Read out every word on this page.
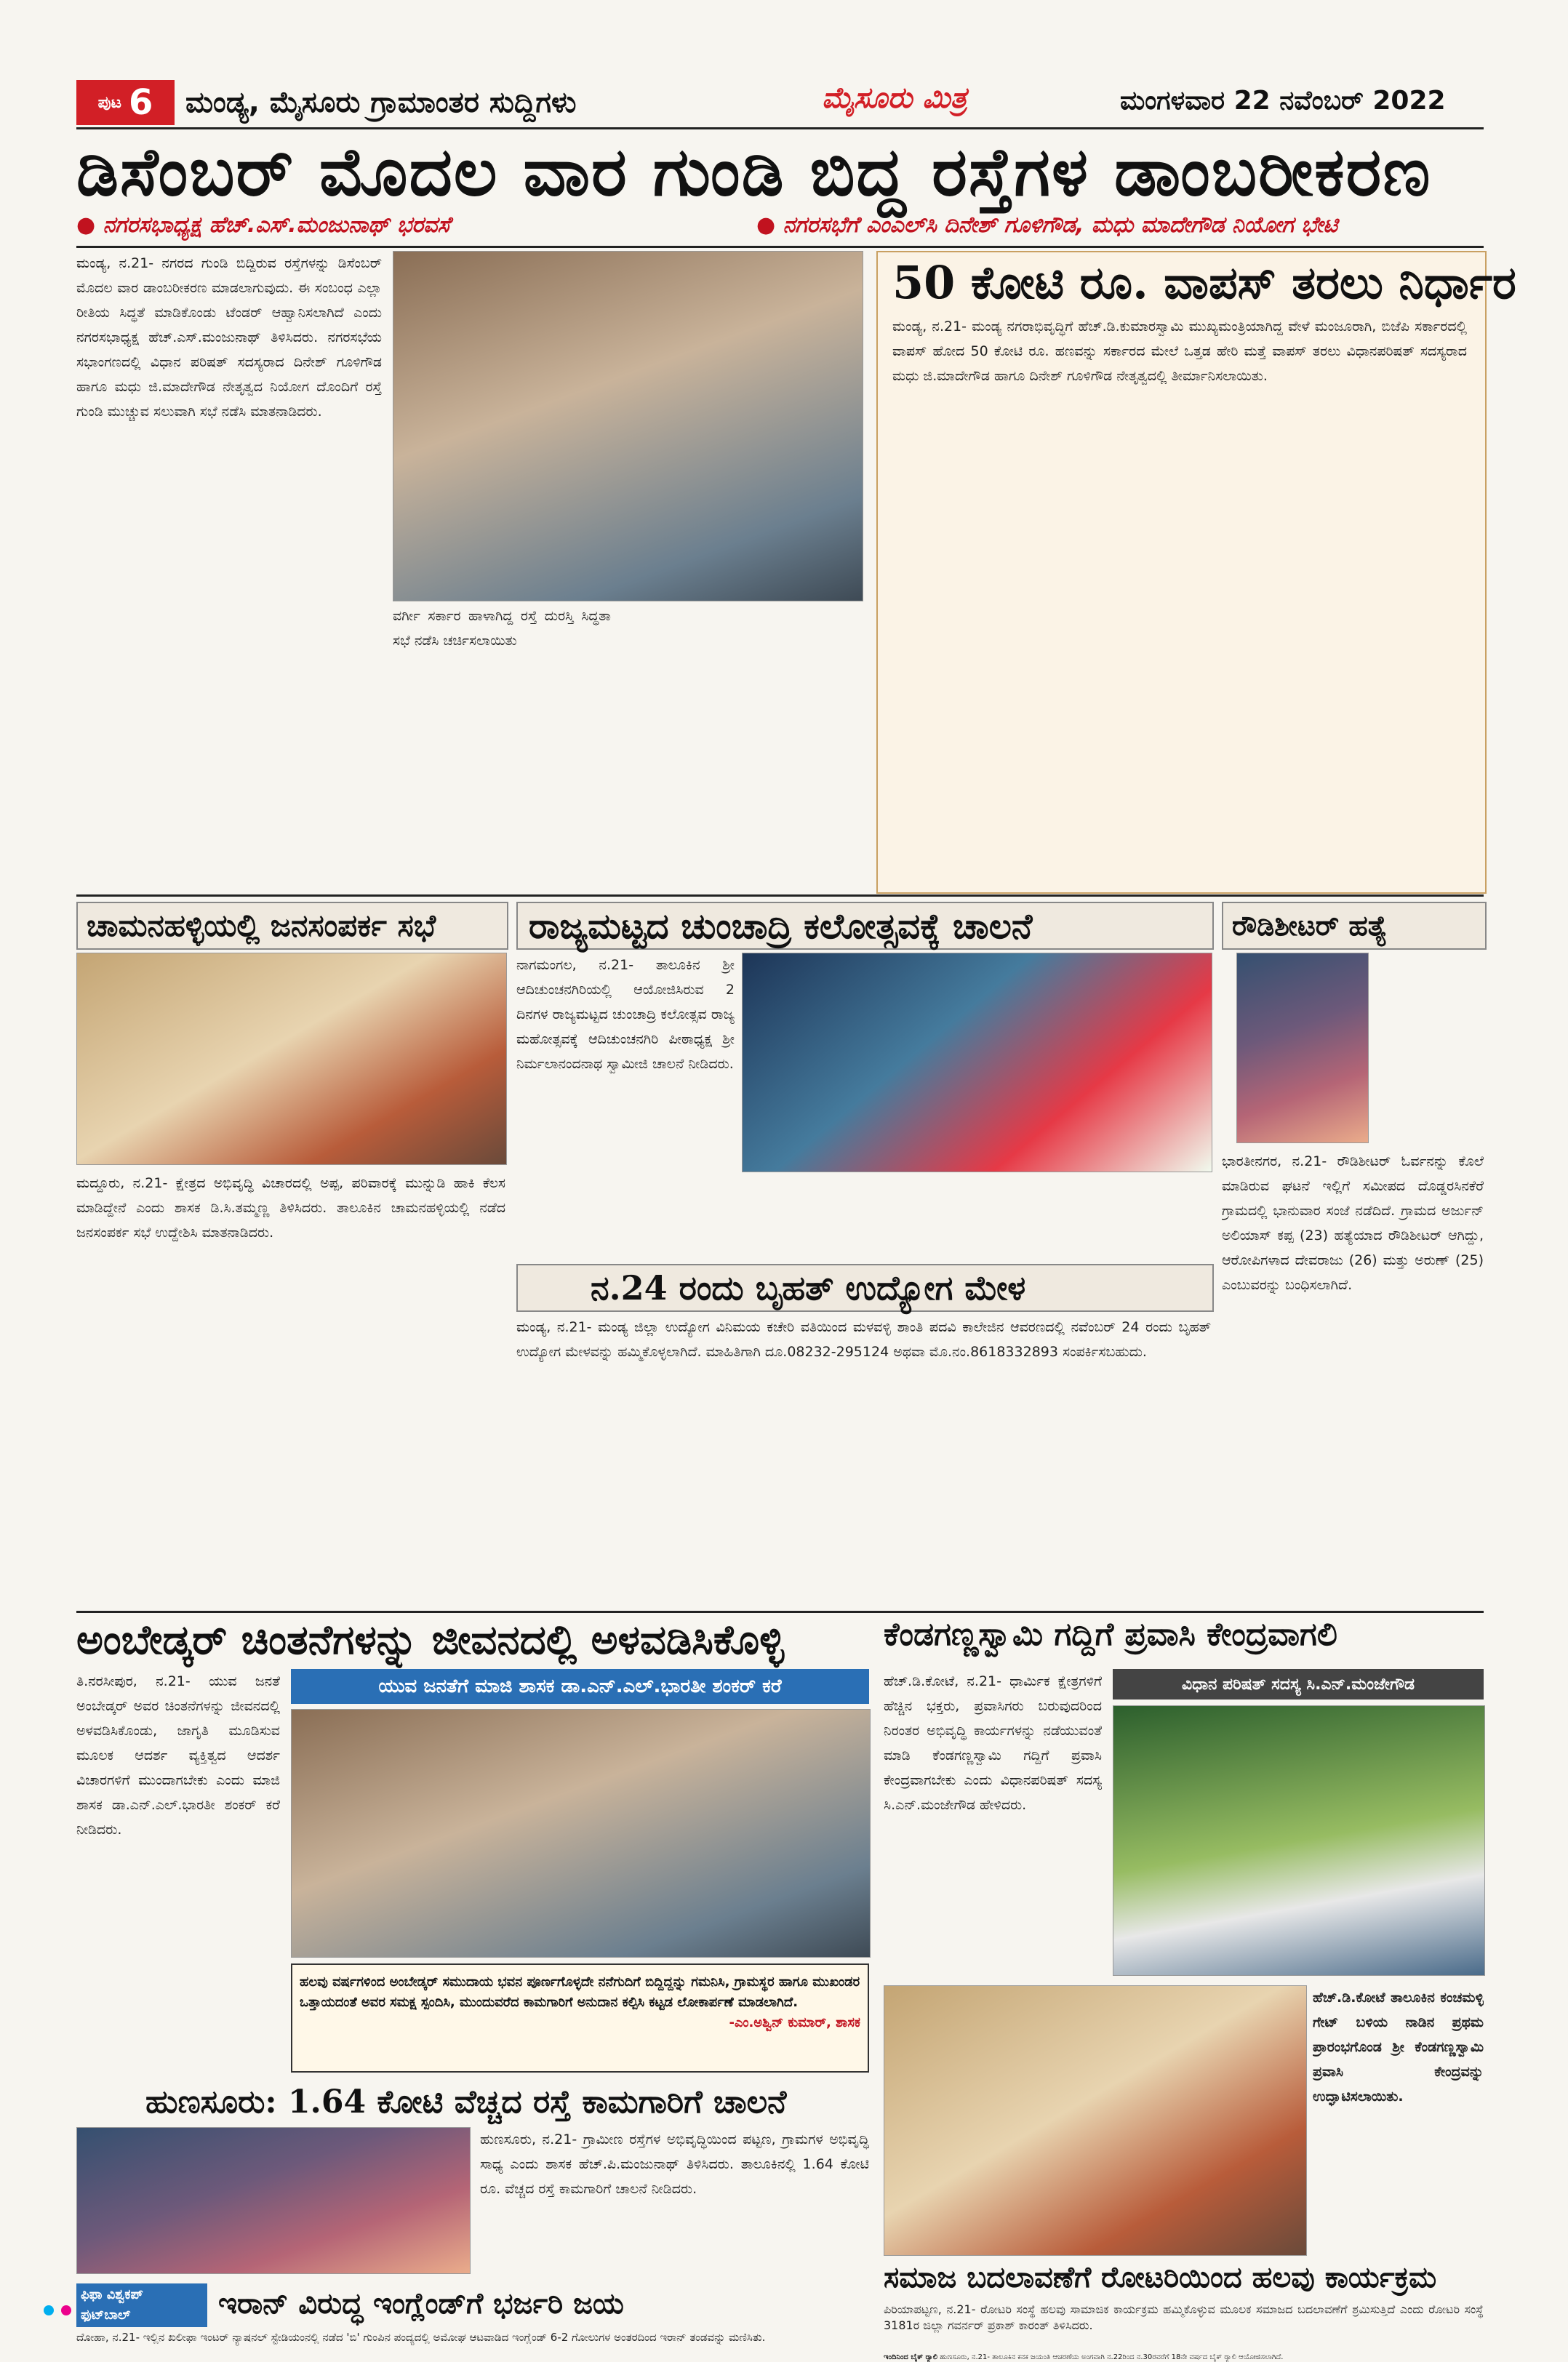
ಪುಟ 6 ಮಂಡ್ಯ, ಮೈಸೂರು ಗ್ರಾಮಾಂತರ ಸುದ್ದಿಗಳು	ಮೈಸೂರು ಮಿತ್ರ	ಮಂಗಳವಾರ 22 ನವೆಂಬರ್ 2022
ಡಿಸೆಂಬರ್ ಮೊದಲ ವಾರ ಗುಂಡಿ ಬಿದ್ದ ರಸ್ತೆಗಳ ಡಾಂಬರೀಕರಣ
● ನಗರಸಭಾಧ್ಯಕ್ಷ ಹೆಚ್.ಎಸ್.ಮಂಜುನಾಥ್ ಭರವಸೆ	● ನಗರಸಭೆಗೆ ಎಂಎಲ್‌ಸಿ ದಿನೇಶ್ ಗೂಳಿಗೌಡ, ಮಧು ಮಾದೇಗೌಡ ನಿಯೋಗ ಭೇಟಿ

ಮಂಡ್ಯ, ನ.21- ನಗರದ ಗುಂಡಿ ಬಿದ್ದಿರುವ ರಸ್ತೆಗಳನ್ನು ಡಿಸೆಂಬರ್ ಮೊದಲ ವಾರ ಡಾಂಬರೀಕರಣ ಮಾಡಲಾಗುವುದು. ಈ ಸಂಬಂಧ ಎಲ್ಲಾ ರೀತಿಯ ಸಿದ್ಧತೆ ಮಾಡಿಕೊಂಡು ಟೆಂಡರ್ ಆಹ್ವಾನಿಸಲಾಗಿದೆ ಎಂದು ನಗರಸಭಾಧ್ಯಕ್ಷ ಹೆಚ್.ಎಸ್.ಮಂಜುನಾಥ್ ತಿಳಿಸಿದರು. ನಗರಸಭೆಯ ಸಭಾಂಗಣದಲ್ಲಿ ವಿಧಾನ ಪರಿಷತ್ ಸದಸ್ಯರಾದ ದಿನೇಶ್ ಗೂಳಿಗೌಡ ಹಾಗೂ ಮಧು ಜಿ.ಮಾದೇಗೌಡ ನೇತೃತ್ವದ ನಿಯೋಗ ದೊಂದಿಗೆ ರಸ್ತೆ ಗುಂಡಿ ಮುಚ್ಚುವ ಸಲುವಾಗಿ ಸಭೆ ನಡೆಸಿ ಮಾತನಾಡಿದರು.

ವರ್ಗೀ ಸರ್ಕಾರ ಹಾಳಾಗಿದ್ದ ರಸ್ತೆ ದುರಸ್ತಿ ಸಿದ್ಧತಾ ಸಭೆ ನಡೆಸಿ ಚರ್ಚಿಸಲಾಯಿತು

50 ಕೋಟಿ ರೂ. ವಾಪಸ್ ತರಲು ನಿರ್ಧಾರ

ಮಂಡ್ಯ, ನ.21- ಮಂಡ್ಯ ನಗರಾಭಿವೃದ್ಧಿಗೆ ಹೆಚ್.ಡಿ.ಕುಮಾರಸ್ವಾಮಿ ಮುಖ್ಯಮಂತ್ರಿಯಾಗಿದ್ದ ವೇಳೆ ಮಂಜೂರಾಗಿ, ಬಿಜೆಪಿ ಸರ್ಕಾರದಲ್ಲಿ ವಾಪಸ್ ಹೋದ 50 ಕೋಟಿ ರೂ. ಹಣವನ್ನು ಸರ್ಕಾರದ ಮೇಲೆ ಒತ್ತಡ ಹೇರಿ ಮತ್ತೆ ವಾಪಸ್ ತರಲು ವಿಧಾನಪರಿಷತ್ ಸದಸ್ಯರಾದ ಮಧು ಜಿ.ಮಾದೇಗೌಡ ಹಾಗೂ ದಿನೇಶ್ ಗೂಳಿಗೌಡ ನೇತೃತ್ವದಲ್ಲಿ ತೀರ್ಮಾನಿಸಲಾಯಿತು.

ಚಾಮನಹಳ್ಳಿಯಲ್ಲಿ ಜನಸಂಪರ್ಕ ಸಭೆ

ಮದ್ದೂರು, ನ.21- ಕ್ಷೇತ್ರದ ಅಭಿವೃದ್ಧಿ ವಿಚಾರದಲ್ಲಿ ಅಪ್ಪ, ಪರಿವಾರಕ್ಕೆ ಮುನ್ನುಡಿ ಹಾಕಿ ಕೆಲಸ ಮಾಡಿದ್ದೇನೆ ಎಂದು ಶಾಸಕ ಡಿ.ಸಿ.ತಮ್ಮಣ್ಣ ತಿಳಿಸಿದರು. ತಾಲೂಕಿನ ಚಾಮನಹಳ್ಳಿಯಲ್ಲಿ ನಡೆದ ಜನಸಂಪರ್ಕ ಸಭೆ ಉದ್ದೇಶಿಸಿ ಮಾತನಾಡಿದರು.

ರಾಜ್ಯಮಟ್ಟದ ಚುಂಚಾದ್ರಿ ಕಲೋತ್ಸವಕ್ಕೆ ಚಾಲನೆ

ನಾಗಮಂಗಲ, ನ.21- ತಾಲೂಕಿನ ಶ್ರೀ ಆದಿಚುಂಚನಗಿರಿಯಲ್ಲಿ ಆಯೋಜಿಸಿರುವ 2 ದಿನಗಳ ರಾಜ್ಯಮಟ್ಟದ ಚುಂಚಾದ್ರಿ ಕಲೋತ್ಸವ ರಾಜ್ಯ ಮಹೋತ್ಸವಕ್ಕೆ ಆದಿಚುಂಚನಗಿರಿ ಪೀಠಾಧ್ಯಕ್ಷ ಶ್ರೀ ನಿರ್ಮಲಾನಂದನಾಥ ಸ್ವಾಮೀಜಿ ಚಾಲನೆ ನೀಡಿದರು.

ನ.24 ರಂದು ಬೃಹತ್ ಉದ್ಯೋಗ ಮೇಳ

ಮಂಡ್ಯ, ನ.21- ಮಂಡ್ಯ ಜಿಲ್ಲಾ ಉದ್ಯೋಗ ವಿನಿಮಯ ಕಚೇರಿ ವತಿಯಿಂದ ಮಳವಳ್ಳಿ ಶಾಂತಿ ಪದವಿ ಕಾಲೇಜಿನ ಆವರಣದಲ್ಲಿ ನವೆಂಬರ್ 24 ರಂದು ಬೃಹತ್ ಉದ್ಯೋಗ ಮೇಳವನ್ನು ಹಮ್ಮಿಕೊಳ್ಳಲಾಗಿದೆ. ಮಾಹಿತಿಗಾಗಿ ದೂ.08232-295124 ಅಥವಾ ಮೊ.ನಂ.8618332893 ಸಂಪರ್ಕಿಸಬಹುದು.

ರೌಡಿಶೀಟರ್ ಹತ್ಯೆ

ಭಾರತೀನಗರ, ನ.21- ರೌಡಿಶೀಟರ್ ಓರ್ವನನ್ನು ಕೊಲೆ ಮಾಡಿರುವ ಘಟನೆ ಇಲ್ಲಿಗೆ ಸಮೀಪದ ದೊಡ್ಡರಸಿನಕೆರೆ ಗ್ರಾಮದಲ್ಲಿ ಭಾನುವಾರ ಸಂಜೆ ನಡೆದಿದೆ. ಗ್ರಾಮದ ಅರ್ಜುನ್ ಅಲಿಯಾಸ್ ಕಪ್ಪ (23) ಹತ್ಯೆಯಾದ ರೌಡಿಶೀಟರ್ ಆಗಿದ್ದು, ಆರೋಪಿಗಳಾದ ದೇವರಾಜು (26) ಮತ್ತು ಅರುಣ್ (25) ಎಂಬುವರನ್ನು ಬಂಧಿಸಲಾಗಿದೆ.

ಅಂಬೇಡ್ಕರ್ ಚಿಂತನೆಗಳನ್ನು ಜೀವನದಲ್ಲಿ ಅಳವಡಿಸಿಕೊಳ್ಳಿ

ತಿ.ನರಸೀಪುರ, ನ.21- ಯುವ ಜನತೆ ಅಂಬೇಡ್ಕರ್ ಅವರ ಚಿಂತನೆಗಳನ್ನು ಜೀವನದಲ್ಲಿ ಅಳವಡಿಸಿಕೊಂಡು, ಜಾಗೃತಿ ಮೂಡಿಸುವ ಮೂಲಕ ಆದರ್ಶ ವ್ಯಕ್ತಿತ್ವದ ಆದರ್ಶ ವಿಚಾರಗಳಿಗೆ ಮುಂದಾಗಬೇಕು ಎಂದು ಮಾಜಿ ಶಾಸಕ ಡಾ.ಎನ್.ಎಲ್.ಭಾರತೀ ಶಂಕರ್ ಕರೆ ನೀಡಿದರು.

ಯುವ ಜನತೆಗೆ ಮಾಜಿ ಶಾಸಕ ಡಾ.ಎನ್.ಎಲ್.ಭಾರತೀ ಶಂಕರ್ ಕರೆ
ಹಲವು ವರ್ಷಗಳಿಂದ ಅಂಬೇಡ್ಕರ್ ಸಮುದಾಯ ಭವನ ಪೂರ್ಣಗೊಳ್ಳದೇ ನನೆಗುದಿಗೆ ಬಿದ್ದಿದ್ದನ್ನು ಗಮನಿಸಿ, ಗ್ರಾಮಸ್ಥರ ಹಾಗೂ ಮುಖಂಡರ ಒತ್ತಾಯದಂತೆ ಅವರ ಸಮಕ್ಷ ಸ್ಪಂದಿಸಿ, ಮುಂದುವರೆದ ಕಾಮಗಾರಿಗೆ ಅನುದಾನ ಕಲ್ಪಿಸಿ ಕಟ್ಟಡ ಲೋಕಾರ್ಪಣೆ ಮಾಡಲಾಗಿದೆ.
-ಎಂ.ಅಶ್ವಿನ್ ಕುಮಾರ್, ಶಾಸಕ
ಕೆಂಡಗಣ್ಣಸ್ವಾಮಿ ಗದ್ದಿಗೆ ಪ್ರವಾಸಿ ಕೇಂದ್ರವಾಗಲಿ

ಹೆಚ್.ಡಿ.ಕೋಟೆ, ನ.21- ಧಾರ್ಮಿಕ ಕ್ಷೇತ್ರಗಳಿಗೆ ಹೆಚ್ಚಿನ ಭಕ್ತರು, ಪ್ರವಾಸಿಗರು ಬರುವುದರಿಂದ ನಿರಂತರ ಅಭಿವೃದ್ಧಿ ಕಾರ್ಯಗಳನ್ನು ನಡೆಯುವಂತೆ ಮಾಡಿ ಕೆಂಡಗಣ್ಣಸ್ವಾಮಿ ಗದ್ದಿಗೆ ಪ್ರವಾಸಿ ಕೇಂದ್ರವಾಗಬೇಕು ಎಂದು ವಿಧಾನಪರಿಷತ್ ಸದಸ್ಯ ಸಿ.ಎನ್.ಮಂಜೇಗೌಡ ಹೇಳಿದರು.

ವಿಧಾನ ಪರಿಷತ್ ಸದಸ್ಯ ಸಿ.ಎನ್.ಮಂಜೇಗೌಡ

ಹೆಚ್.ಡಿ.ಕೋಟೆ ತಾಲೂಕಿನ ಕಂಚಮಳ್ಳಿ ಗೇಟ್ ಬಳಿಯ ನಾಡಿನ ಪ್ರಥಮ ಪ್ರಾರಂಭಗೊಂಡ ಶ್ರೀ ಕೆಂಡಗಣ್ಣಸ್ವಾಮಿ ಪ್ರವಾಸಿ ಕೇಂದ್ರವನ್ನು ಉದ್ಘಾಟಿಸಲಾಯಿತು.

ಹುಣಸೂರು: 1.64 ಕೋಟಿ ವೆಚ್ಚದ ರಸ್ತೆ ಕಾಮಗಾರಿಗೆ ಚಾಲನೆ

ಹುಣಸೂರು, ನ.21- ಗ್ರಾಮೀಣ ರಸ್ತೆಗಳ ಅಭಿವೃದ್ಧಿಯಿಂದ ಪಟ್ಟಣ, ಗ್ರಾಮಗಳ ಅಭಿವೃದ್ಧಿ ಸಾಧ್ಯ ಎಂದು ಶಾಸಕ ಹೆಚ್.ಪಿ.ಮಂಜುನಾಥ್ ತಿಳಿಸಿದರು. ತಾಲೂಕಿನಲ್ಲಿ 1.64 ಕೋಟಿ ರೂ. ವೆಚ್ಚದ ರಸ್ತೆ ಕಾಮಗಾರಿಗೆ ಚಾಲನೆ ನೀಡಿದರು.

ಸಮಾಜ ಬದಲಾವಣೆಗೆ ರೋಟರಿಯಿಂದ ಹಲವು ಕಾರ್ಯಕ್ರಮ

ಪಿರಿಯಾಪಟ್ಟಣ, ನ.21- ರೋಟರಿ ಸಂಸ್ಥೆ ಹಲವು ಸಾಮಾಜಿಕ ಕಾರ್ಯಕ್ರಮ ಹಮ್ಮಿಕೊಳ್ಳುವ ಮೂಲಕ ಸಮಾಜದ ಬದಲಾವಣೆಗೆ ಶ್ರಮಿಸುತ್ತಿದೆ ಎಂದು ರೋಟರಿ ಸಂಸ್ಥೆ 3181ರ ಜಿಲ್ಲಾ ಗವರ್ನರ್ ಪ್ರಕಾಶ್ ಕಾರಂತ್ ತಿಳಿಸಿದರು.

ಫಿಫಾ ವಿಶ್ವಕಪ್
ಫುಟ್‌ಬಾಲ್	ಇರಾನ್ ವಿರುದ್ಧ ಇಂಗ್ಲೆಂಡ್‌ಗೆ ಭರ್ಜರಿ ಜಯ

ದೋಹಾ, ನ.21- ಇಲ್ಲಿನ ಖಲೀಫಾ ಇಂಟರ್ ನ್ಯಾಷನಲ್ ಸ್ಟೇಡಿಯಂನಲ್ಲಿ ನಡೆದ 'ಬಿ' ಗುಂಪಿನ ಪಂದ್ಯದಲ್ಲಿ ಅಮೋಘ ಆಟವಾಡಿದ ಇಂಗ್ಲೆಂಡ್ 6-2 ಗೋಲುಗಳ ಅಂತರದಿಂದ ಇರಾನ್ ತಂಡವನ್ನು ಮಣಿಸಿತು.

ಇಂದಿನಿಂದ ಬೈಕ್ ರ್‍ಯಾಲಿ ಹುಣಸೂರು, ನ.21- ತಾಲೂಕಿನ ಕನಕ ಜಯಂತಿ ಆಚರಣೆಯ ಅಂಗವಾಗಿ ನ.22ರಿಂದ ನ.30ರವರೆಗೆ 18ನೇ ವರ್ಷದ ಬೈಕ್ ರ್‍ಯಾಲಿ ಆಯೋಜಿಸಲಾಗಿದೆ.
